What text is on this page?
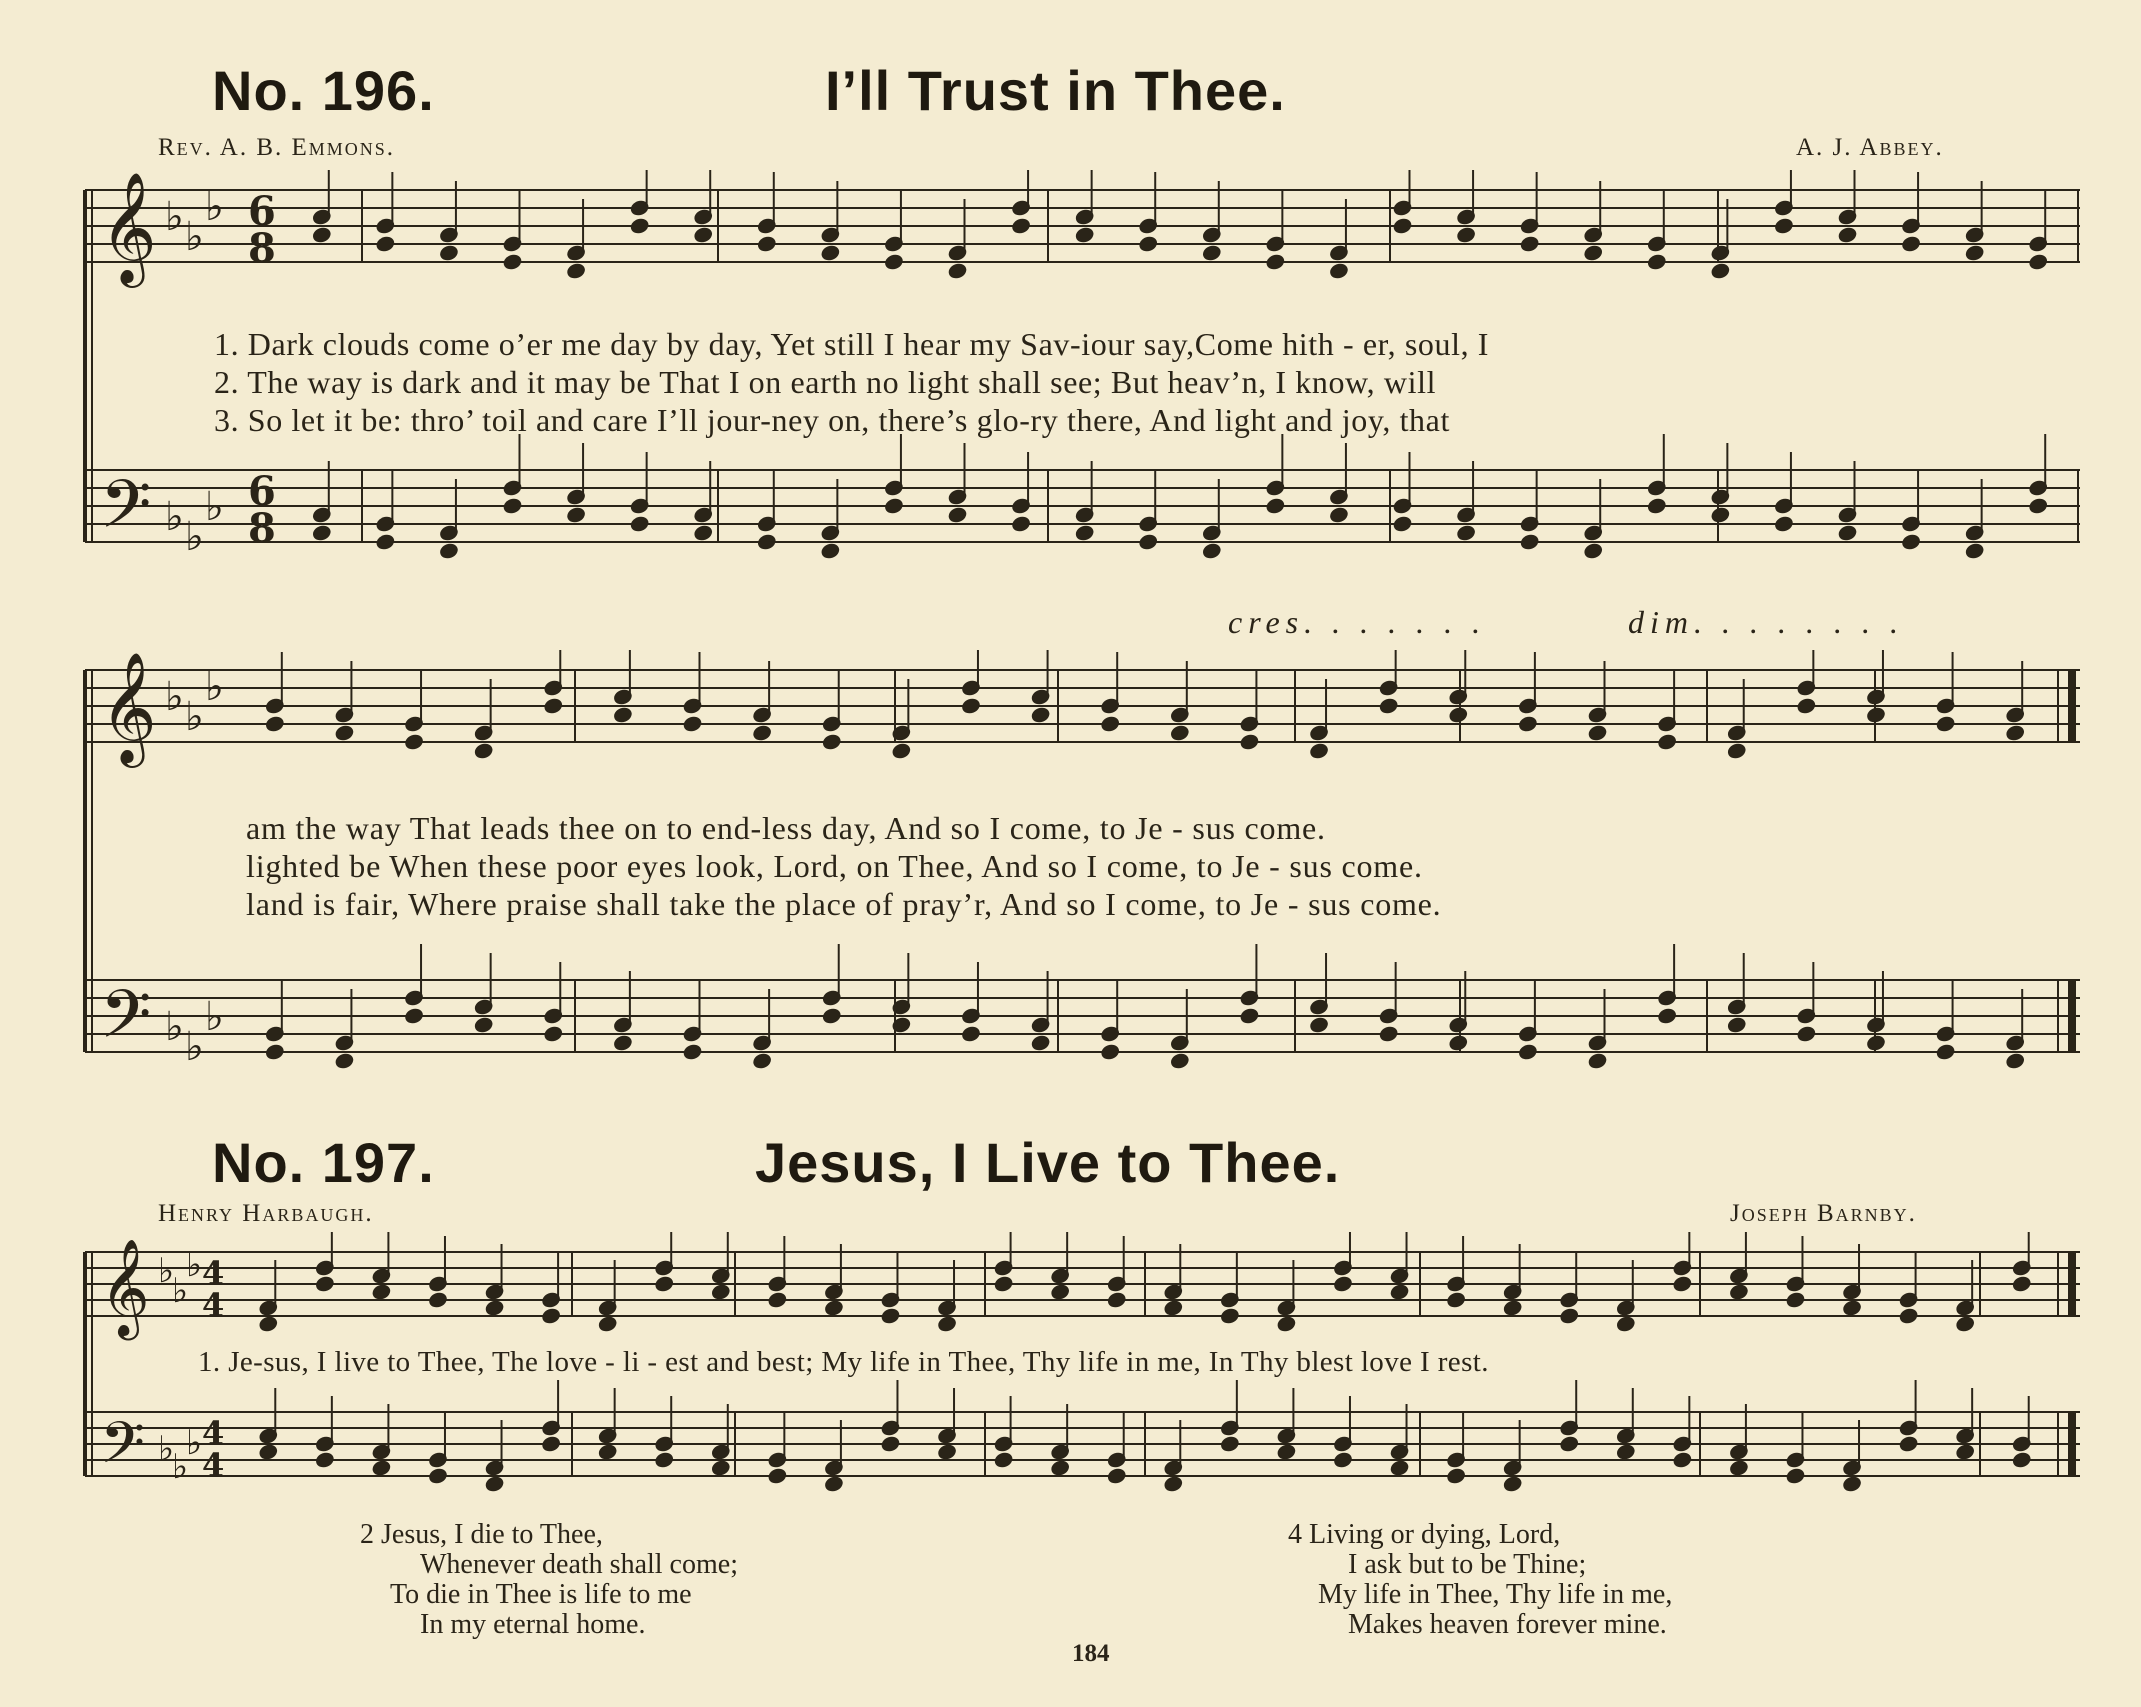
No. 196.	I’ll Trust in Thee.
Rev. A. B. Emmons.	A. J. Abbey.
𝄞
𝄢
♭ ♭
♭
♭ ♭
♭
6
8
6
8
1. Dark clouds come o’er me day by day, Yet still I hear my Sav-iour say,Come hith - er, soul, I
2. The way is dark and it may be That I on earth no light shall see; But heav’n, I know, will
3. So let it be: thro’ toil and care I’ll jour-ney on, there’s glo-ry there, And light and joy, that
cres. . . . . . .	dim. . . . . . . .
𝄞
𝄢
♭ ♭
♭
♭ ♭
♭
am the way That leads thee on to end-less day, And so I come, to Je - sus come.
lighted be When these poor eyes look, Lord, on Thee, And so I come, to Je - sus come.
land is fair, Where praise shall take the place of pray’r, And so I come, to Je - sus come.
No. 197.	Jesus, I Live to Thee.
Henry Harbaugh.	Joseph Barnby.
𝄞
𝄢
♭
♭
♭
♭
♭
♭
4
4
4
4
1. Je-sus, I live to Thee, The love - li - est and best; My life in Thee, Thy life in me, In Thy blest love I rest.
2 Jesus, I die to Thee,
Whenever death shall come;
To die in Thee is life to me
In my eternal home.
4 Living or dying, Lord,
I ask but to be Thine;
My life in Thee, Thy life in me,
Makes heaven forever mine.
184
